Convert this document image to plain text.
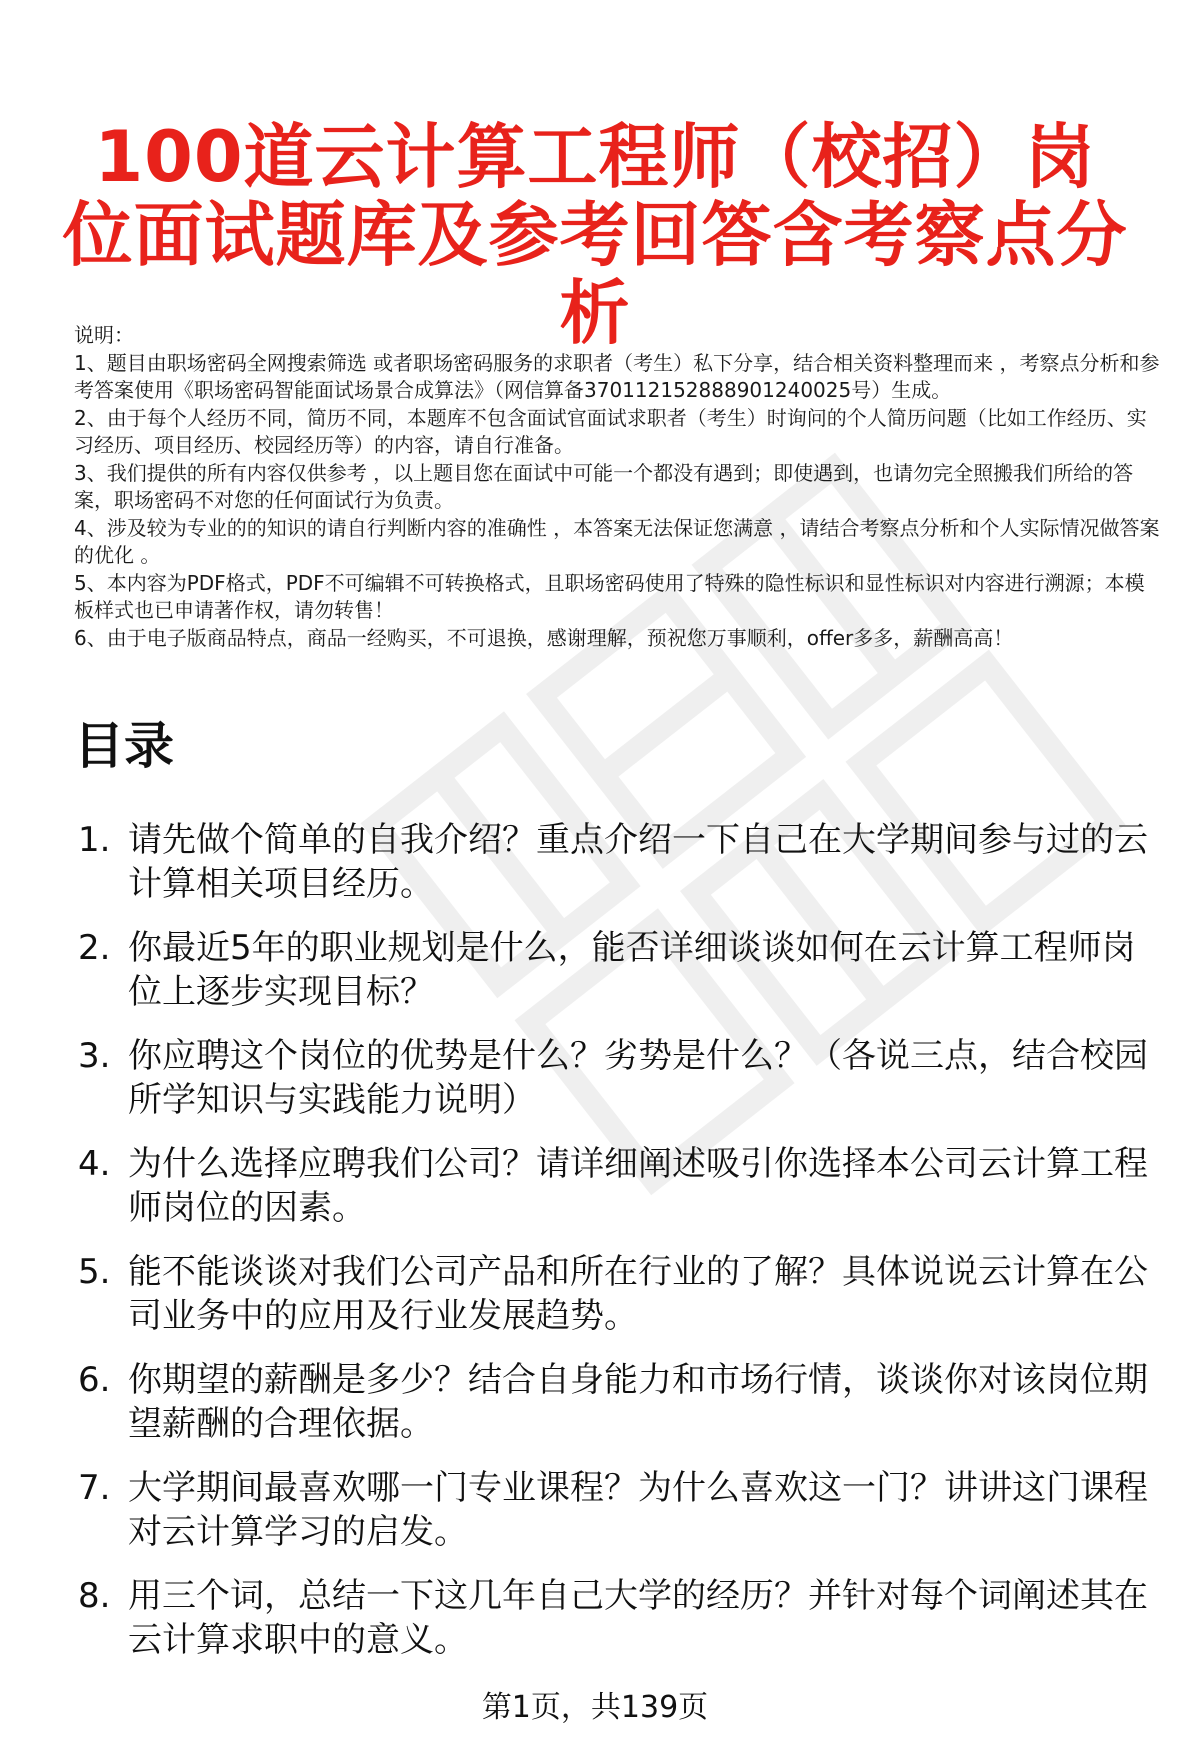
100道云计算工程师（校招）岗位面试题库及参考回答含考察点分析
说明：
1、题目由职场密码全网搜索筛选 或者职场密码服务的求职者（考生）私下分享，结合相关资料整理而来 ，考察点分析和参考答案使用《职场密码智能面试场景合成算法》（网信算备370112152888901240025号）生成。
2、由于每个人经历不同，简历不同，本题库不包含面试官面试求职者（考生）时询问的个人简历问题（比如工作经历、实习经历、项目经历、校园经历等）的内容，请自行准备。
3、我们提供的所有内容仅供参考 ，以上题目您在面试中可能一个都没有遇到；即使遇到，也请勿完全照搬我们所给的答案，职场密码不对您的任何面试行为负责。
4、涉及较为专业的的知识的请自行判断内容的准确性 ，本答案无法保证您满意 ，请结合考察点分析和个人实际情况做答案的优化 。
5、本内容为PDF格式，PDF不可编辑不可转换格式，且职场密码使用了特殊的隐性标识和显性标识对内容进行溯源；本模板样式也已申请著作权，请勿转售！
6、由于电子版商品特点，商品一经购买，不可退换，感谢理解，预祝您万事顺利，offer多多，薪酬高高！
目录
1. 请先做个简单的自我介绍？重点介绍一下自己在大学期间参与过的云计算相关项目经历。
2. 你最近5年的职业规划是什么，能否详细谈谈如何在云计算工程师岗位上逐步实现目标？
3. 你应聘这个岗位的优势是什么？劣势是什么？（各说三点，结合校园所学知识与实践能力说明）
4. 为什么选择应聘我们公司？请详细阐述吸引你选择本公司云计算工程师岗位的因素。
5. 能不能谈谈对我们公司产品和所在行业的了解？具体说说云计算在公司业务中的应用及行业发展趋势。
6. 你期望的薪酬是多少？结合自身能力和市场行情，谈谈你对该岗位期望薪酬的合理依据。
7. 大学期间最喜欢哪一门专业课程？为什么喜欢这一门？讲讲这门课程对云计算学习的启发。
8. 用三个词，总结一下这几年自己大学的经历？并针对每个词阐述其在云计算求职中的意义。
第1页，共139页
